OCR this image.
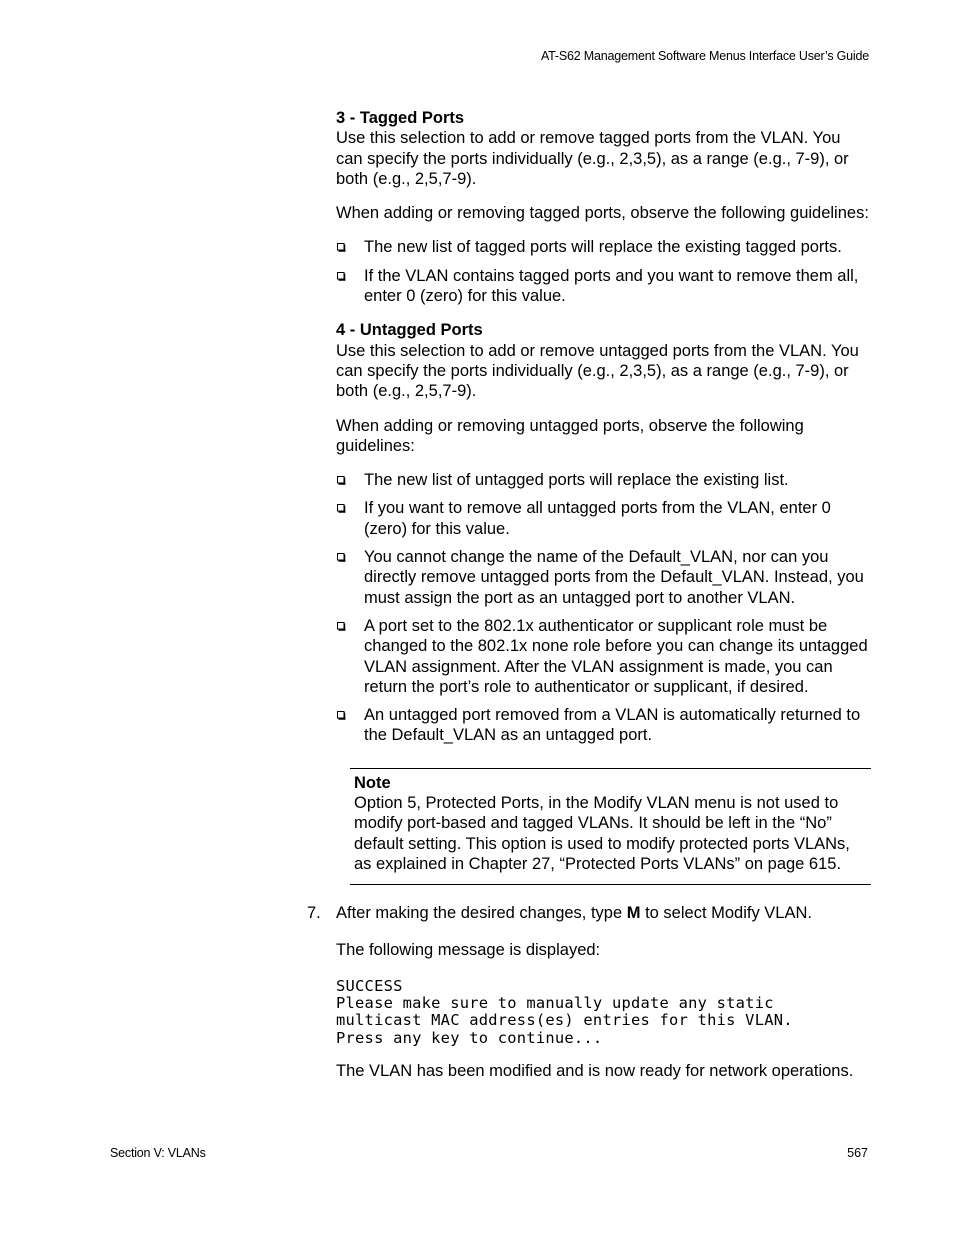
AT-S62 Management Software Menus Interface User’s Guide

3 - Tagged Ports

Use this selection to add or remove tagged ports from the VLAN. You can specify the ports individually (e.g., 2,3,5), as a range (e.g., 7-9), or both (e.g., 2,5,7-9).

When adding or removing tagged ports, observe the following guidelines:

The new list of tagged ports will replace the existing tagged ports.
If the VLAN contains tagged ports and you want to remove them all, enter 0 (zero) for this value.

4 - Untagged Ports

Use this selection to add or remove untagged ports from the VLAN. You can specify the ports individually (e.g., 2,3,5), as a range (e.g., 7-9), or both (e.g., 2,5,7-9).

When adding or removing untagged ports, observe the following guidelines:

The new list of untagged ports will replace the existing list.
If you want to remove all untagged ports from the VLAN, enter 0 (zero) for this value.
You cannot change the name of the Default_VLAN, nor can you directly remove untagged ports from the Default_VLAN. Instead, you must assign the port as an untagged port to another VLAN.
A port set to the 802.1x authenticator or supplicant role must be changed to the 802.1x none role before you can change its untagged VLAN assignment. After the VLAN assignment is made, you can return the port’s role to authenticator or supplicant, if desired.
An untagged port removed from a VLAN is automatically returned to the Default_VLAN as an untagged port.
Note
Option 5, Protected Ports, in the Modify VLAN menu is not used to modify port-based and tagged VLANs. It should be left in the “No” default setting. This option is used to modify protected ports VLANs, as explained in Chapter 27, “Protected Ports VLANs” on page 615.
7. After making the desired changes, type M to select Modify VLAN.

The following message is displayed:

SUCCESS
Please make sure to manually update any static
multicast MAC address(es) entries for this VLAN.
Press any key to continue...

The VLAN has been modified and is now ready for network operations.

Section V: VLANs	567
